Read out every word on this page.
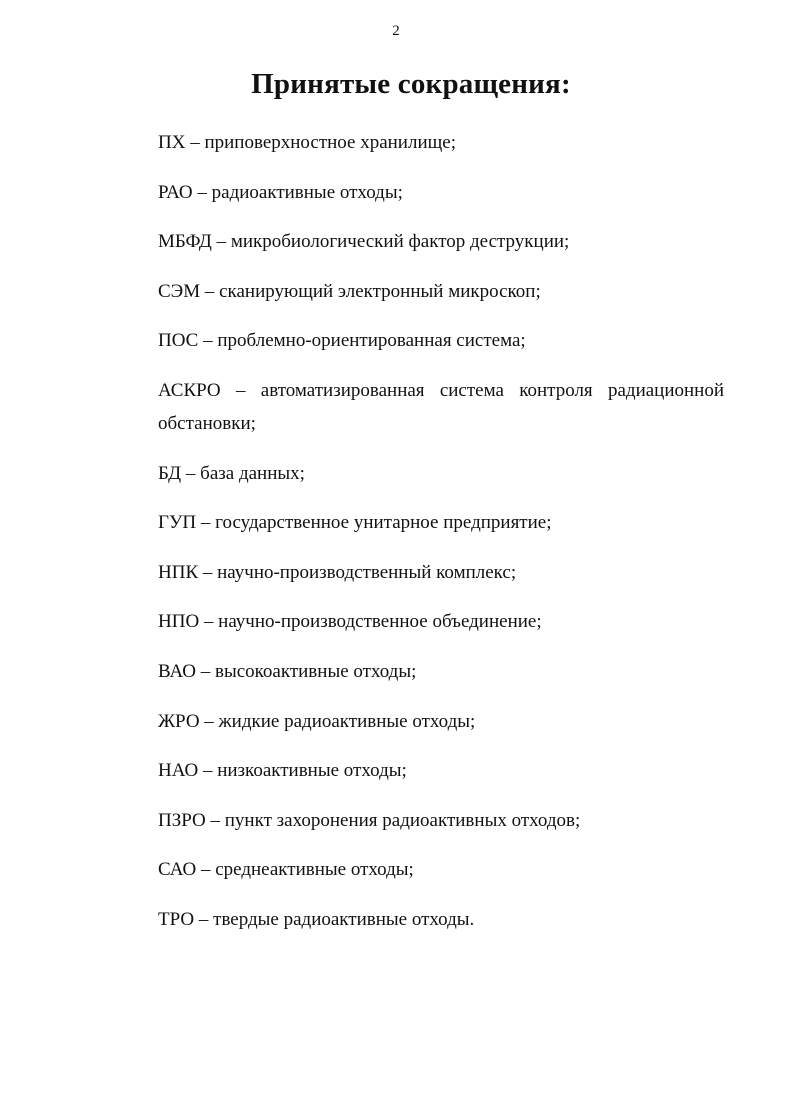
2
Принятые сокращения:
ПХ – приповерхностное хранилище;
РАО – радиоактивные отходы;
МБФД – микробиологический фактор деструкции;
СЭМ – сканирующий электронный микроскоп;
ПОС – проблемно-ориентированная система;
АСКРО – автоматизированная система контроля радиационной обстановки;
БД – база данных;
ГУП – государственное унитарное предприятие;
НПК – научно-производственный комплекс;
НПО – научно-производственное объединение;
ВАО – высокоактивные отходы;
ЖРО – жидкие радиоактивные отходы;
НАО – низкоактивные отходы;
ПЗРО – пункт захоронения радиоактивных отходов;
САО – среднеактивные отходы;
ТРО – твердые радиоактивные отходы.
